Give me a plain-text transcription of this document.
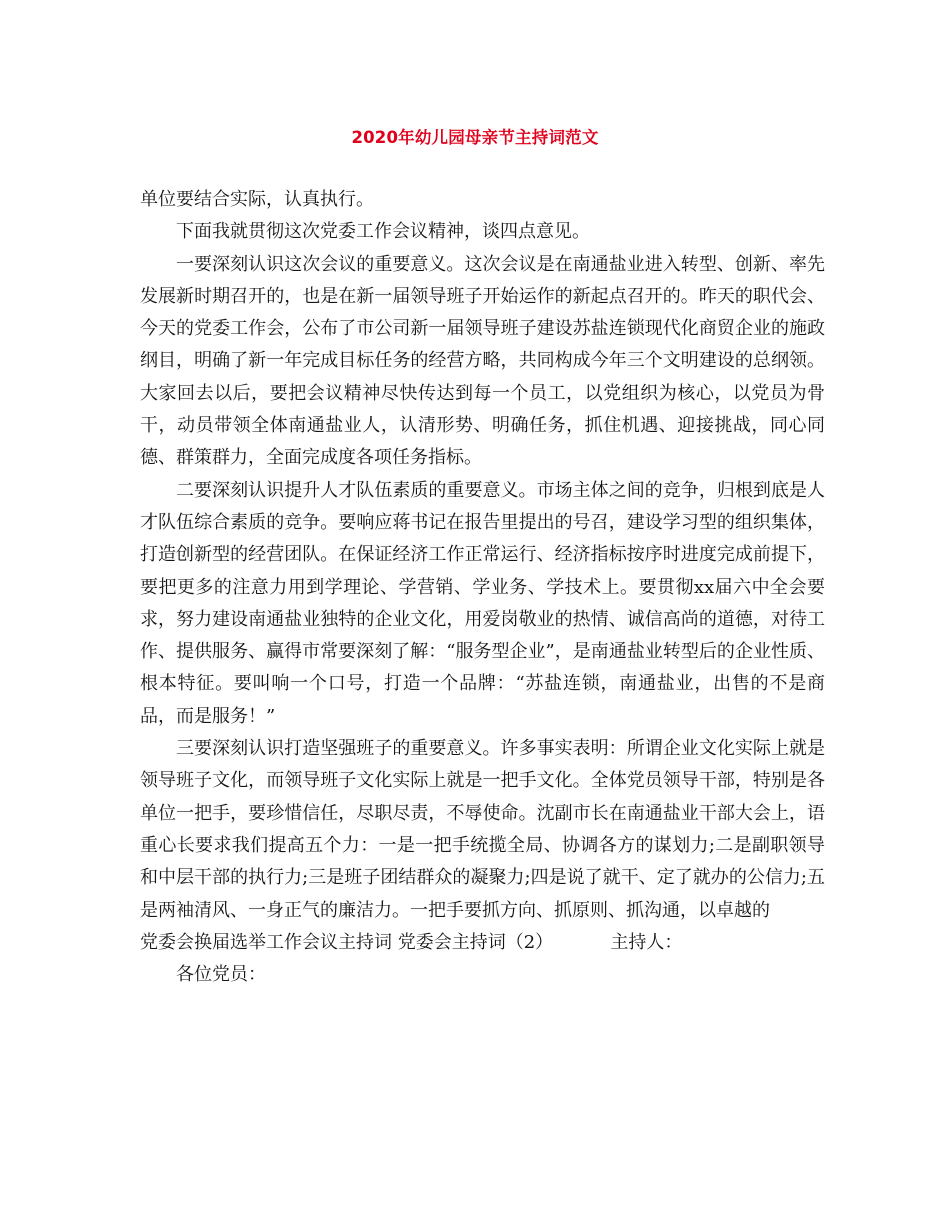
2020年幼儿园母亲节主持词范文

单位要结合实际，认真执行。

下面我就贯彻这次党委工作会议精神，谈四点意见。

一要深刻认识这次会议的重要意义。这次会议是在南通盐业进入转型、创新、率先发展新时期召开的，也是在新一届领导班子开始运作的新起点召开的。昨天的职代会、今天的党委工作会，公布了市公司新一届领导班子建设苏盐连锁现代化商贸企业的施政纲目，明确了新一年完成目标任务的经营方略，共同构成今年三个文明建设的总纲领。大家回去以后，要把会议精神尽快传达到每一个员工，以党组织为核心，以党员为骨干，动员带领全体南通盐业人，认清形势、明确任务，抓住机遇、迎接挑战，同心同德、群策群力，全面完成度各项任务指标。

二要深刻认识提升人才队伍素质的重要意义。市场主体之间的竞争，归根到底是人才队伍综合素质的竞争。要响应蒋书记在报告里提出的号召，建设学习型的组织集体，打造创新型的经营团队。在保证经济工作正常运行、经济指标按序时进度完成前提下，要把更多的注意力用到学理论、学营销、学业务、学技术上。要贯彻xx届六中全会要求，努力建设南通盐业独特的企业文化，用爱岗敬业的热情、诚信高尚的道德，对待工作、提供服务、赢得市常要深刻了解：“服务型企业”，是南通盐业转型后的企业性质、根本特征。要叫响一个口号，打造一个品牌：“苏盐连锁，南通盐业，出售的不是商品，而是服务！”

三要深刻认识打造坚强班子的重要意义。许多事实表明：所谓企业文化实际上就是领导班子文化，而领导班子文化实际上就是一把手文化。全体党员领导干部，特别是各单位一把手，要珍惜信任，尽职尽责，不辱使命。沈副市长在南通盐业干部大会上，语重心长要求我们提高五个力：一是一把手统揽全局、协调各方的谋划力;二是副职领导和中层干部的执行力;三是班子团结群众的凝聚力;四是说了就干、定了就办的公信力;五是两袖清风、一身正气的廉洁力。一把手要抓方向、抓原则、抓沟通，以卓越的

党委会换届选举工作会议主持词 党委会主持词（2）          主持人：

各位党员：
